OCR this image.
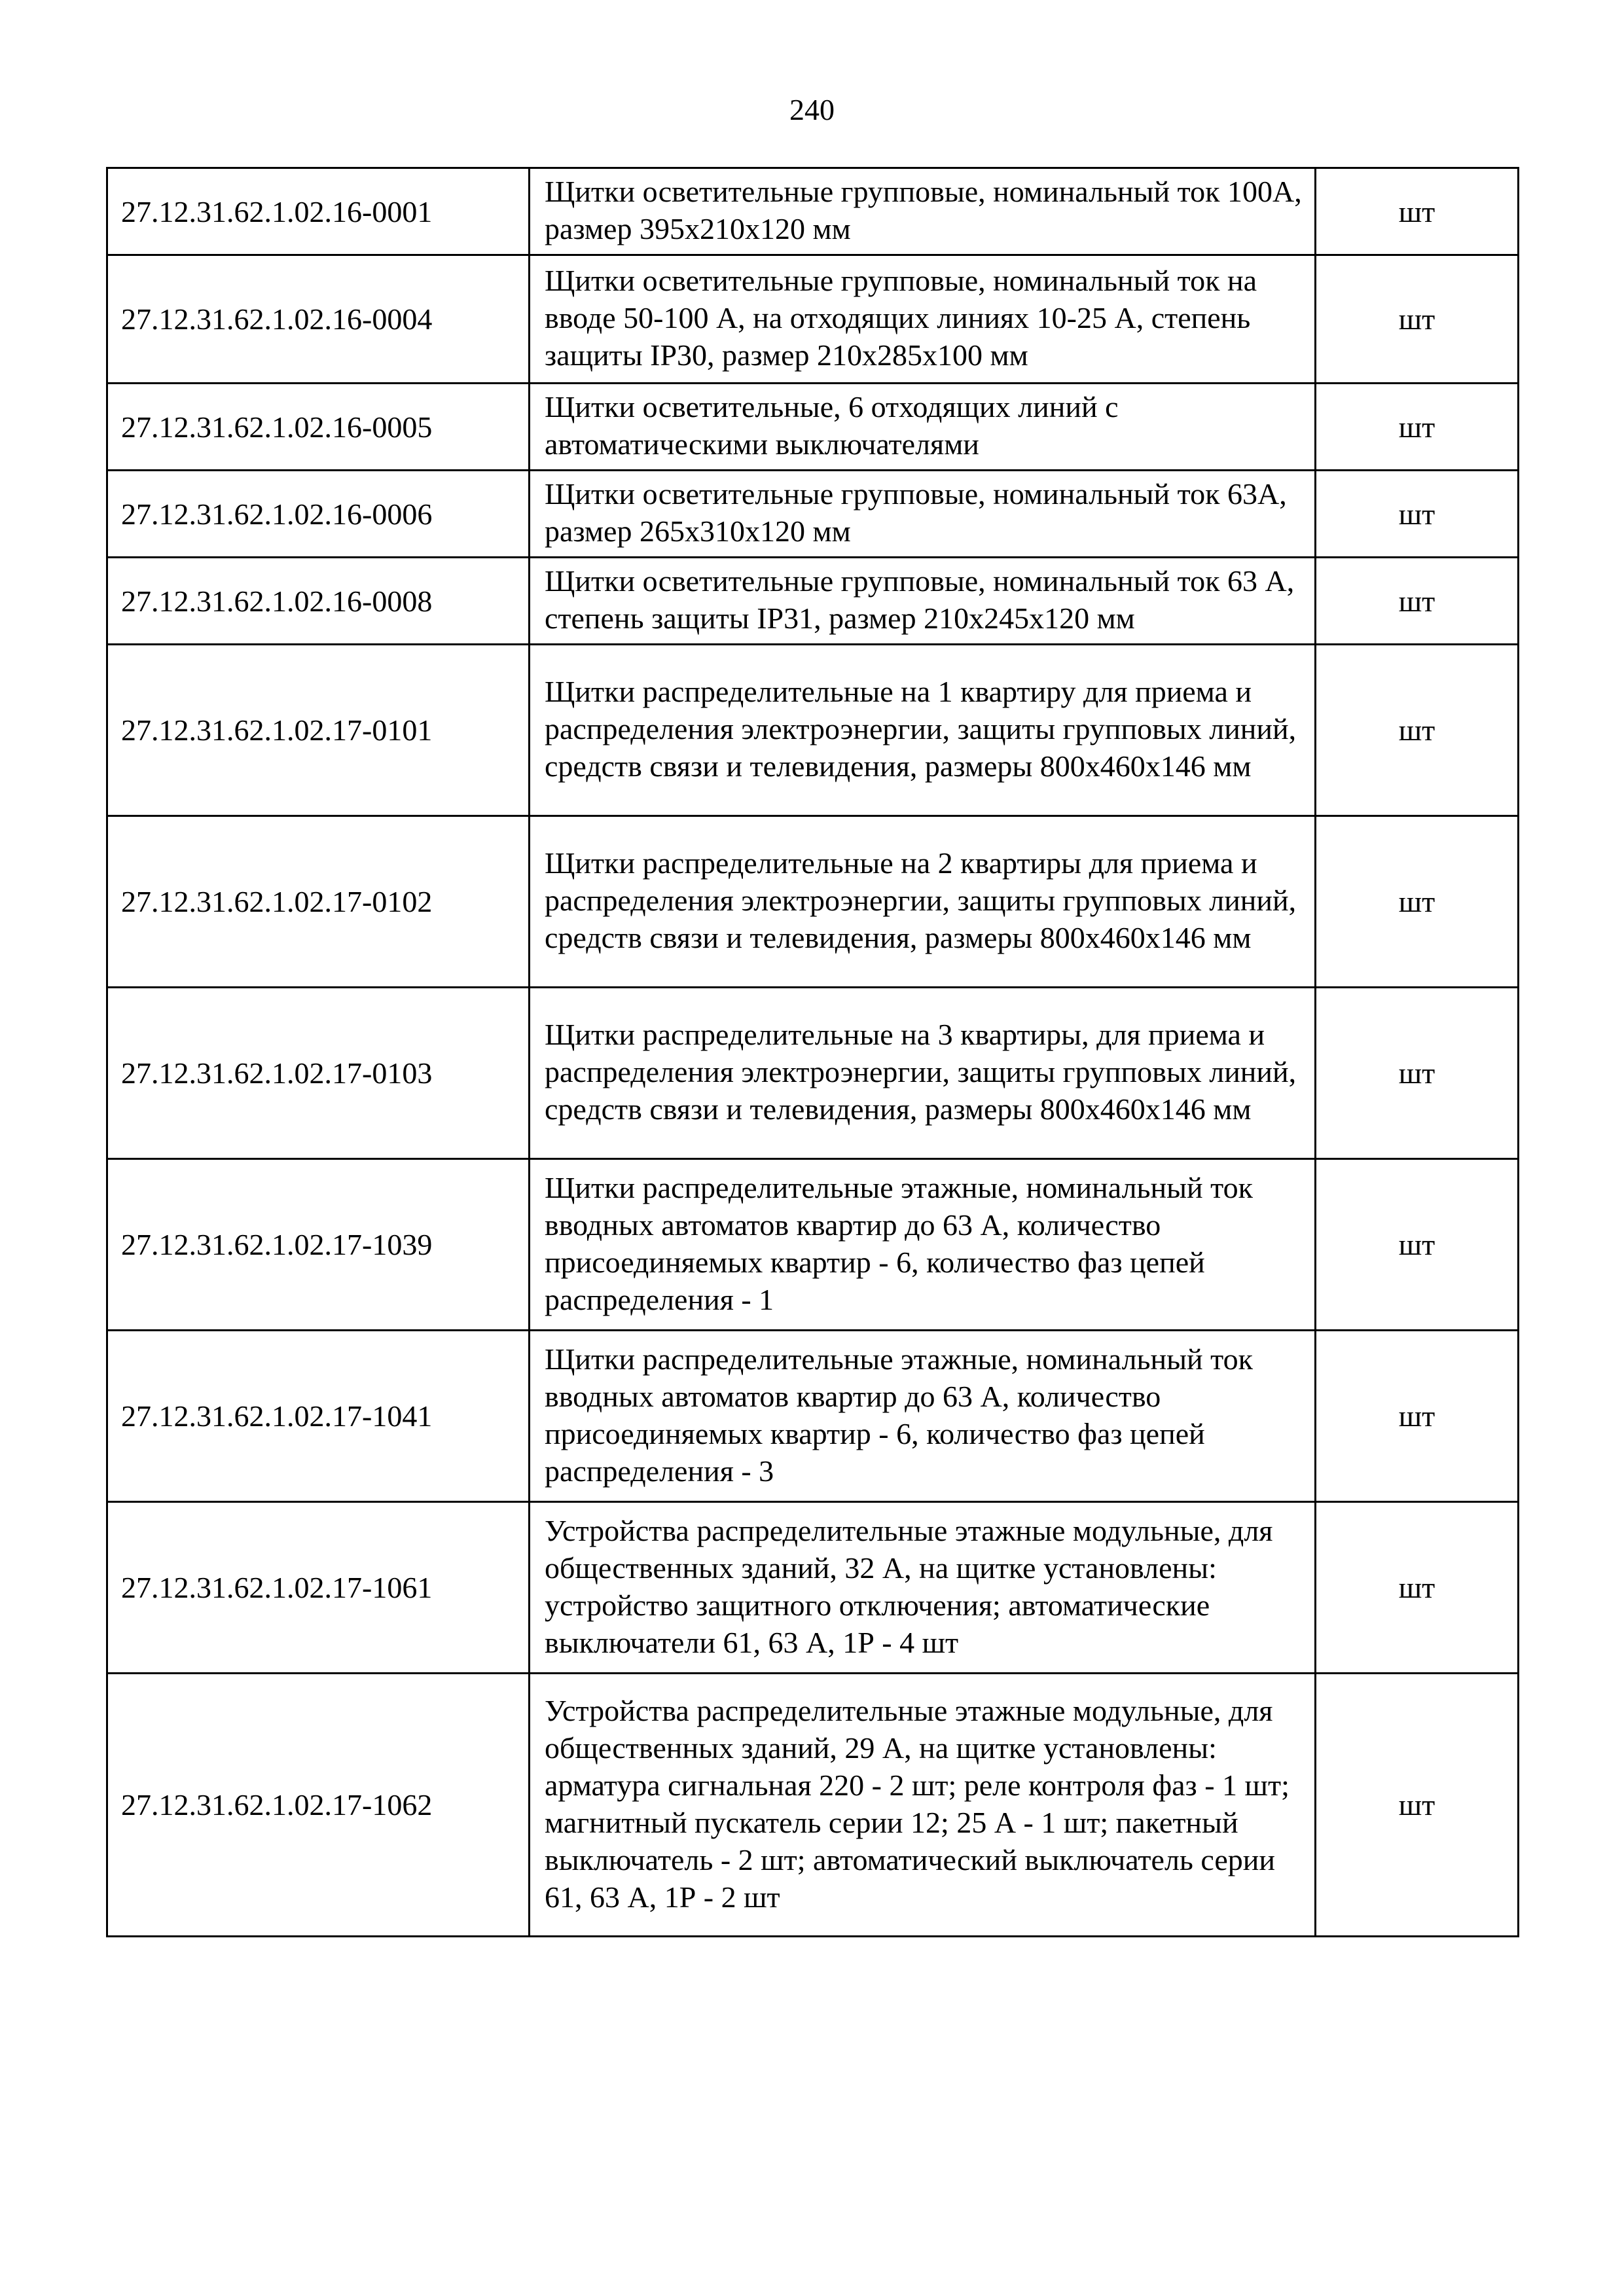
240
27.12.31.62.1.02.16-0001	Щитки осветительные групповые, номинальный ток 100А, размер 395х210х120 мм	шт
27.12.31.62.1.02.16-0004	Щитки осветительные групповые, номинальный ток на вводе 50-100 А, на отходящих линиях 10-25 А, степень защиты IP30, размер 210х285х100 мм	шт
27.12.31.62.1.02.16-0005	Щитки осветительные, 6 отходящих линий с автоматическими выключателями	шт
27.12.31.62.1.02.16-0006	Щитки осветительные групповые, номинальный ток 63А, размер 265х310х120 мм	шт
27.12.31.62.1.02.16-0008	Щитки осветительные групповые, номинальный ток 63 А, степень защиты IP31, размер 210х245х120 мм	шт
27.12.31.62.1.02.17-0101	Щитки распределительные на 1 квартиру для приема и распределения электроэнергии, защиты групповых линий, средств связи и телевидения, размеры 800х460х146 мм	шт
27.12.31.62.1.02.17-0102	Щитки распределительные на 2 квартиры для приема и распределения электроэнергии, защиты групповых линий, средств связи и телевидения, размеры 800х460х146 мм	шт
27.12.31.62.1.02.17-0103	Щитки распределительные на 3 квартиры, для приема и распределения электроэнергии, защиты групповых линий, средств связи и телевидения, размеры 800х460х146 мм	шт
27.12.31.62.1.02.17-1039	Щитки распределительные этажные, номинальный ток вводных автоматов квартир до 63 А, количество присоединяемых квартир - 6, количество фаз цепей распределения - 1	шт
27.12.31.62.1.02.17-1041	Щитки распределительные этажные, номинальный ток вводных автоматов квартир до 63 А, количество присоединяемых квартир - 6, количество фаз цепей распределения - 3	шт
27.12.31.62.1.02.17-1061	Устройства распределительные этажные модульные, для общественных зданий, 32 А, на щитке установлены: устройство защитного отключения; автоматические выключатели 61, 63 А, 1Р - 4 шт	шт
27.12.31.62.1.02.17-1062	Устройства распределительные этажные модульные, для общественных зданий, 29 А, на щитке установлены: арматура сигнальная 220 - 2 шт; реле контроля фаз - 1 шт; магнитный пускатель серии 12; 25 А - 1 шт; пакетный выключатель - 2 шт; автоматический выключатель серии 61, 63 А, 1Р - 2 шт	шт
